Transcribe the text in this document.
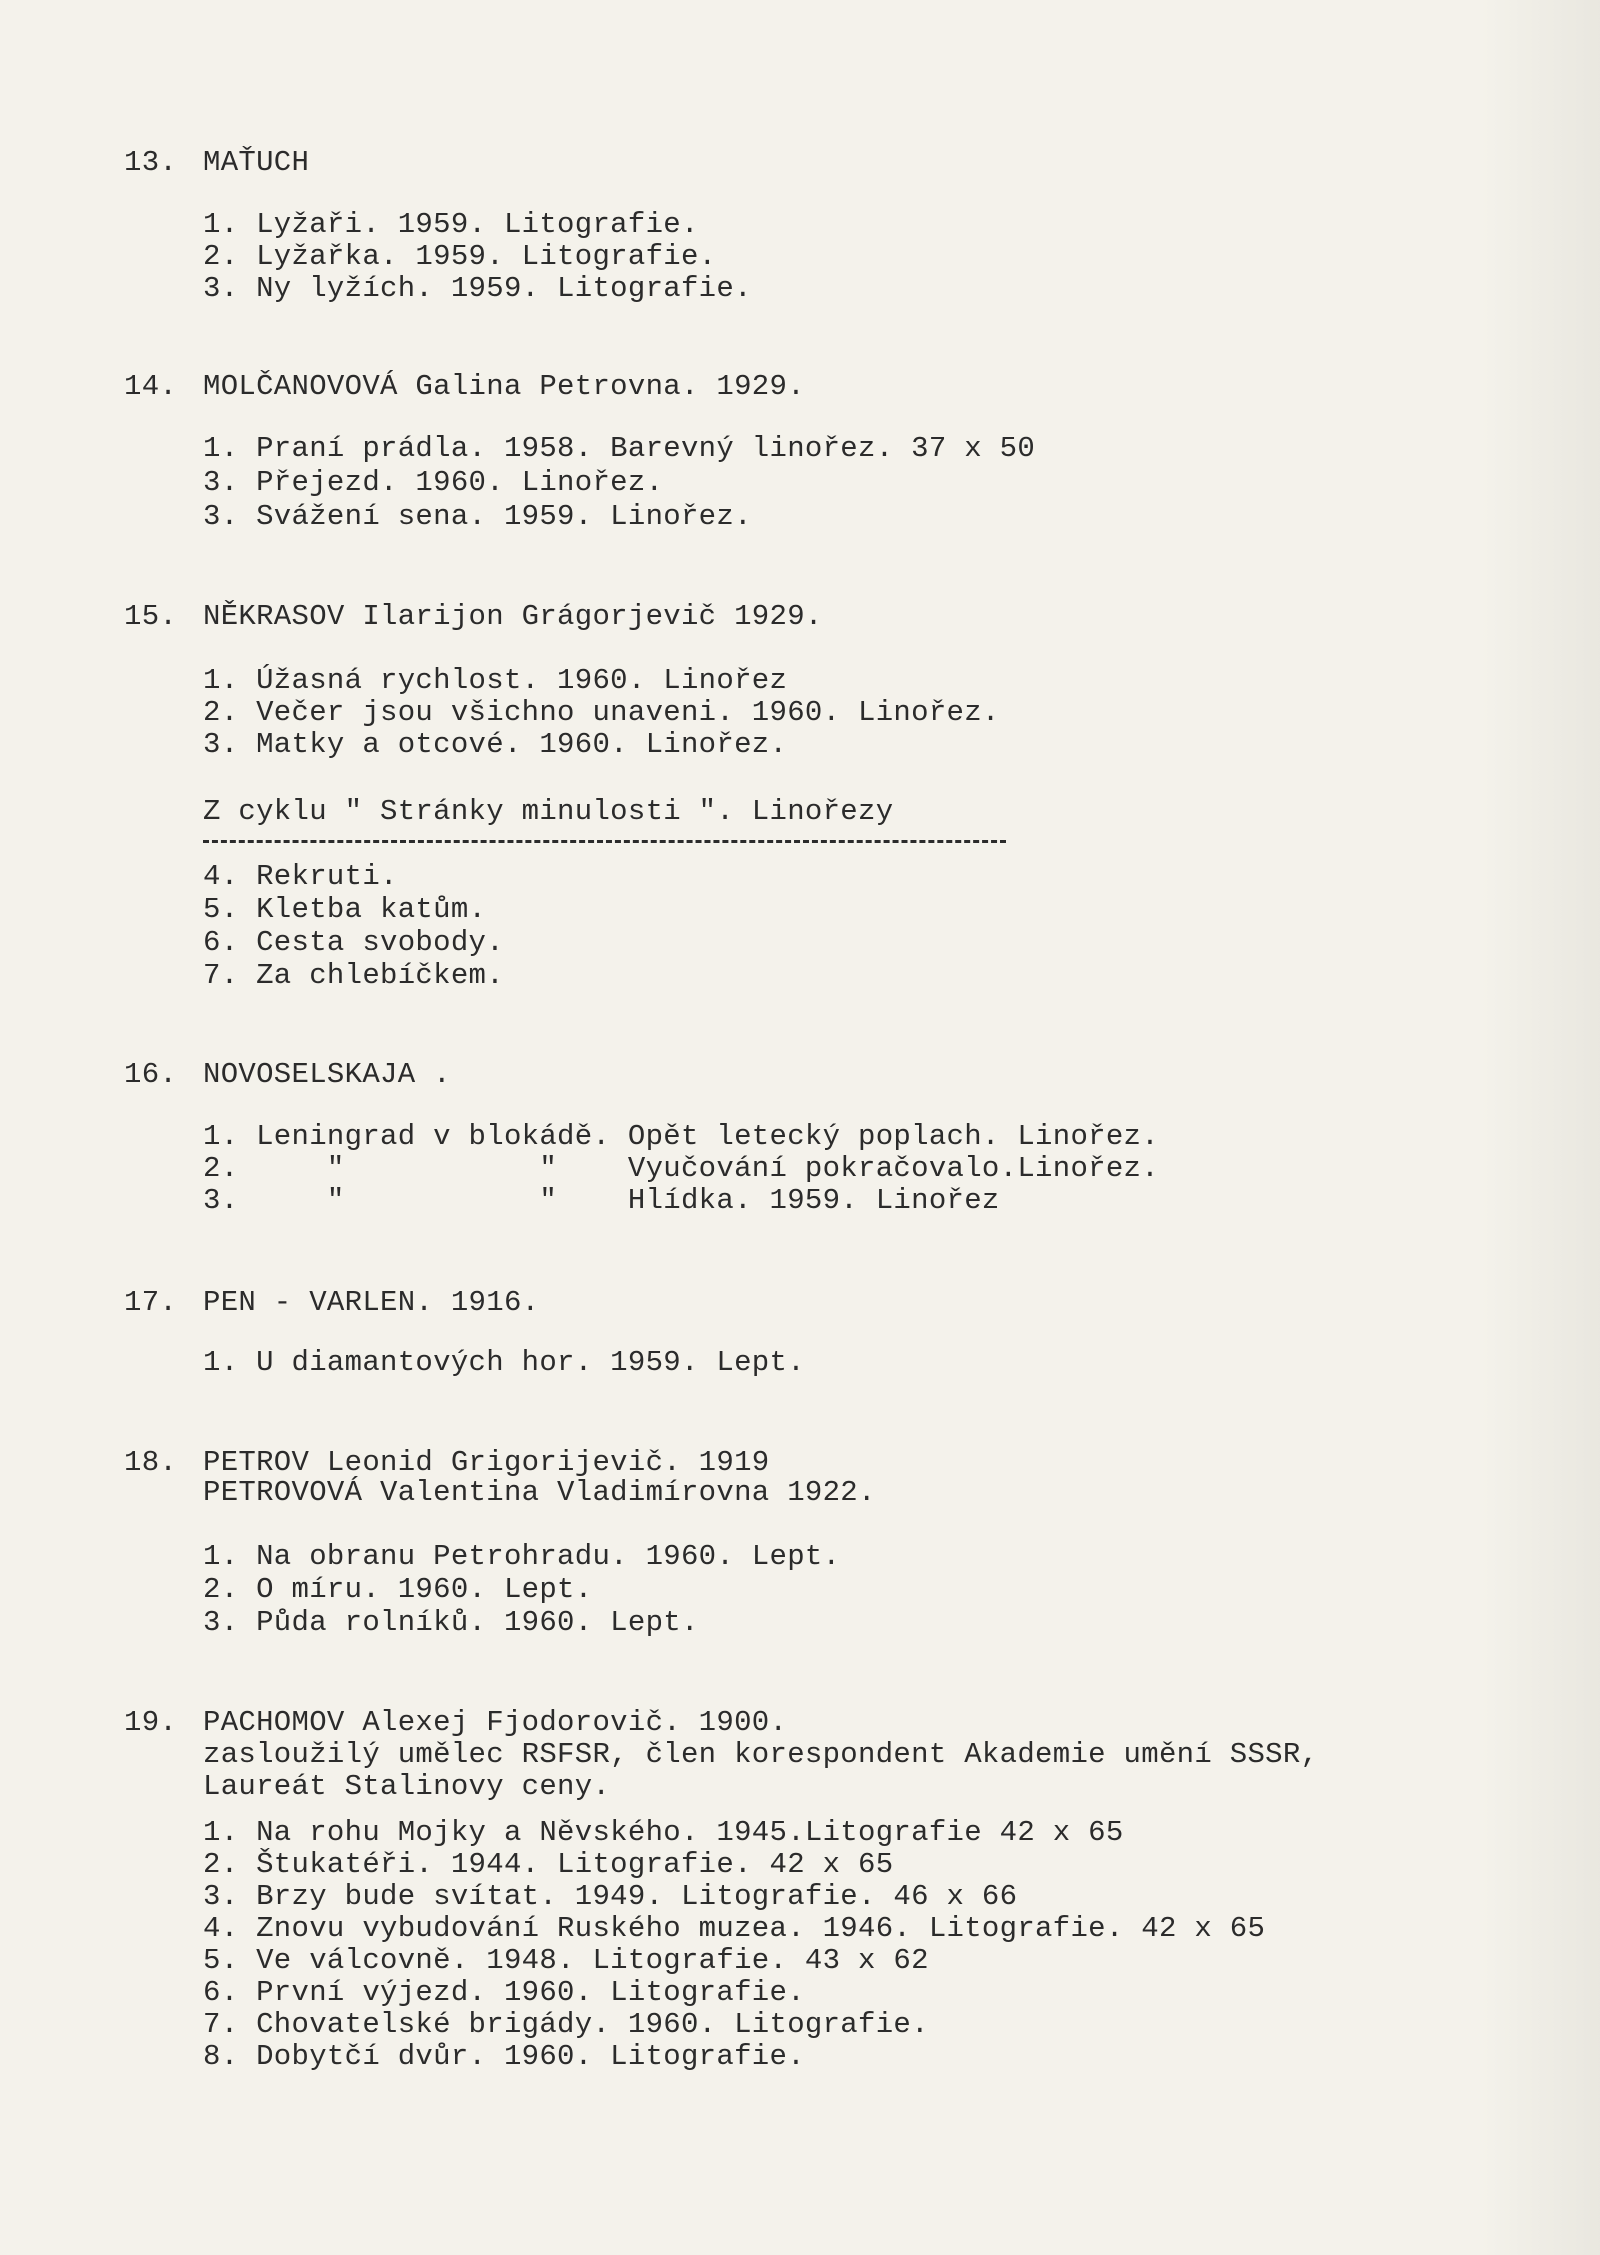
13. MAŤUCH
1. Lyžaři. 1959. Litografie.
2. Lyžařka. 1959. Litografie.
3. Ny lyžích. 1959. Litografie.
14. MOLČANOVOVÁ Galina Petrovna. 1929.
1. Praní prádla. 1958. Barevný linořez. 37 x 50
3. Přejezd. 1960. Linořez.
3. Svážení sena. 1959. Linořez.
15. NĚKRASOV Ilarijon Grágorjevič 1929.
1. Úžasná rychlost. 1960. Linořez
2. Večer jsou všichno unaveni. 1960. Linořez.
3. Matky a otcové. 1960. Linořez.
Z cyklu " Stránky minulosti ". Linořezy
4. Rekruti.
5. Kletba katům.
6. Cesta svobody.
7. Za chlebíčkem.
16. NOVOSELSKAJA .
1. Leningrad v blokádě. Opět letecký poplach. Linořez.
2.     "           "    Vyučování pokračovalo.Linořez.
3.     "           "    Hlídka. 1959. Linořez
17. PEN - VARLEN. 1916.
1. U diamantových hor. 1959. Lept.
18. PETROV Leonid Grigorijevič. 1919
PETROVOVÁ Valentina Vladimírovna 1922.
1. Na obranu Petrohradu. 1960. Lept.
2. O míru. 1960. Lept.
3. Půda rolníků. 1960. Lept.
19. PACHOMOV Alexej Fjodorovič. 1900.
zasloužilý umělec RSFSR, člen korespondent Akademie umění SSSR,
Laureát Stalinovy ceny.
1. Na rohu Mojky a Něvského. 1945.Litografie 42 x 65
2. Štukatéři. 1944. Litografie. 42 x 65
3. Brzy bude svítat. 1949. Litografie. 46 x 66
4. Znovu vybudování Ruského muzea. 1946. Litografie. 42 x 65
5. Ve válcovně. 1948. Litografie. 43 x 62
6. První výjezd. 1960. Litografie.
7. Chovatelské brigády. 1960. Litografie.
8. Dobytčí dvůr. 1960. Litografie.
